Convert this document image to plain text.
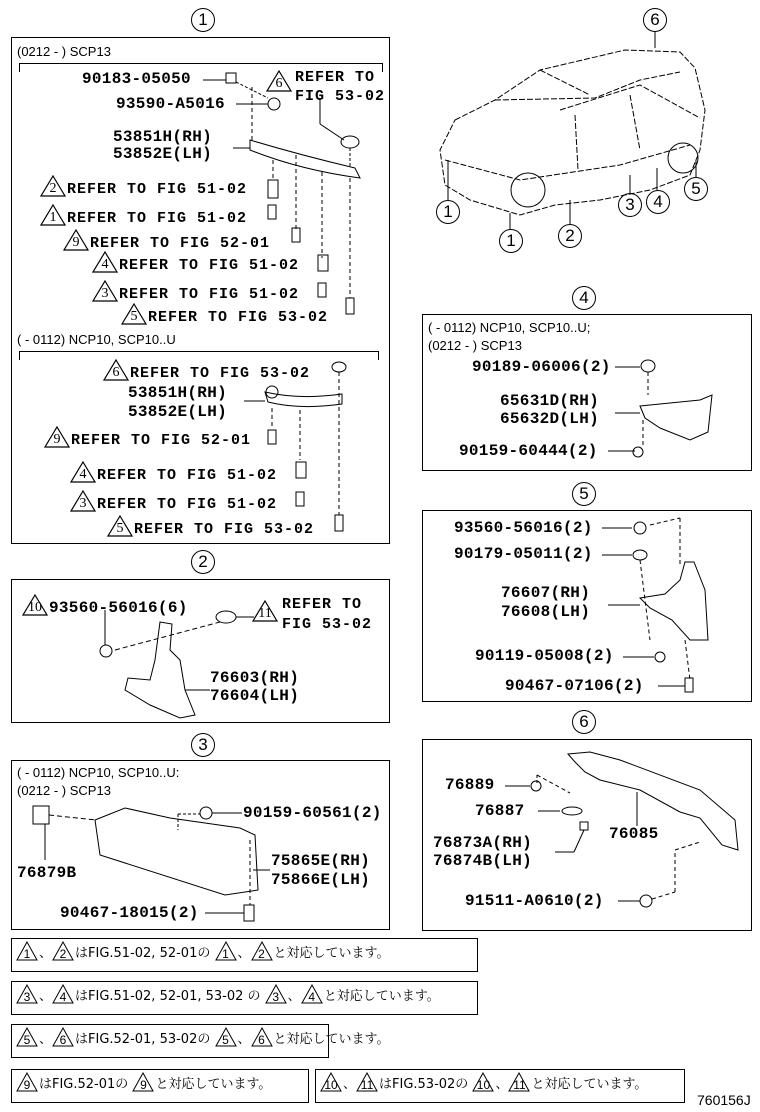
1
(0212 - ) SCP13
90183-05050
93590-A5016
53851H(RH)
53852E(LH)
6 REFER TO
FIG 53-02
2 REFER TO FIG 51-02
1 REFER TO FIG 51-02
9 REFER TO FIG 52-01
4 REFER TO FIG 51-02
3 REFER TO FIG 51-02
5 REFER TO FIG 53-02
( - 0112) NCP10, SCP10..U
6 REFER TO FIG 53-02
53851H(RH)
53852E(LH)
9 REFER TO FIG 52-01
4 REFER TO FIG 51-02
3 REFER TO FIG 51-02
5 REFER TO FIG 53-02
2
10 93560-56016(6)	11
REFER TO
FIG 53-02
76603(RH)
76604(LH)
3
( - 0112) NCP10, SCP10..U:
(0212 - ) SCP13
90159-60561(2)
76879B
75865E(RH)
75866E(LH)
90467-18015(2)
6
1
1	2
3	4
5
4
( - 0112) NCP10, SCP10..U;
(0212 - ) SCP13
90189-06006(2)
65631D(RH)
65632D(LH)
90159-60444(2)
5
93560-56016(2)
90179-05011(2)
76607(RH)
76608(LH)
90119-05008(2)
90467-07106(2)
6
76889
76887
76873A(RH)
76874B(LH)
76085
91511-A0610(2)
1 、 2 はFIG.51-02, 52-01の 1 、 2 と対応しています。
3 、 4 はFIG.51-02, 52-01, 53-02 の 3 、 4 と対応しています。
5 、 6 はFIG.52-01, 53-02の 5 、 6 と対応しています。
9 はFIG.52-01の 9 と対応しています。	10 、 11 はFIG.53-02の 10 、 11 と対応しています。
760156J
